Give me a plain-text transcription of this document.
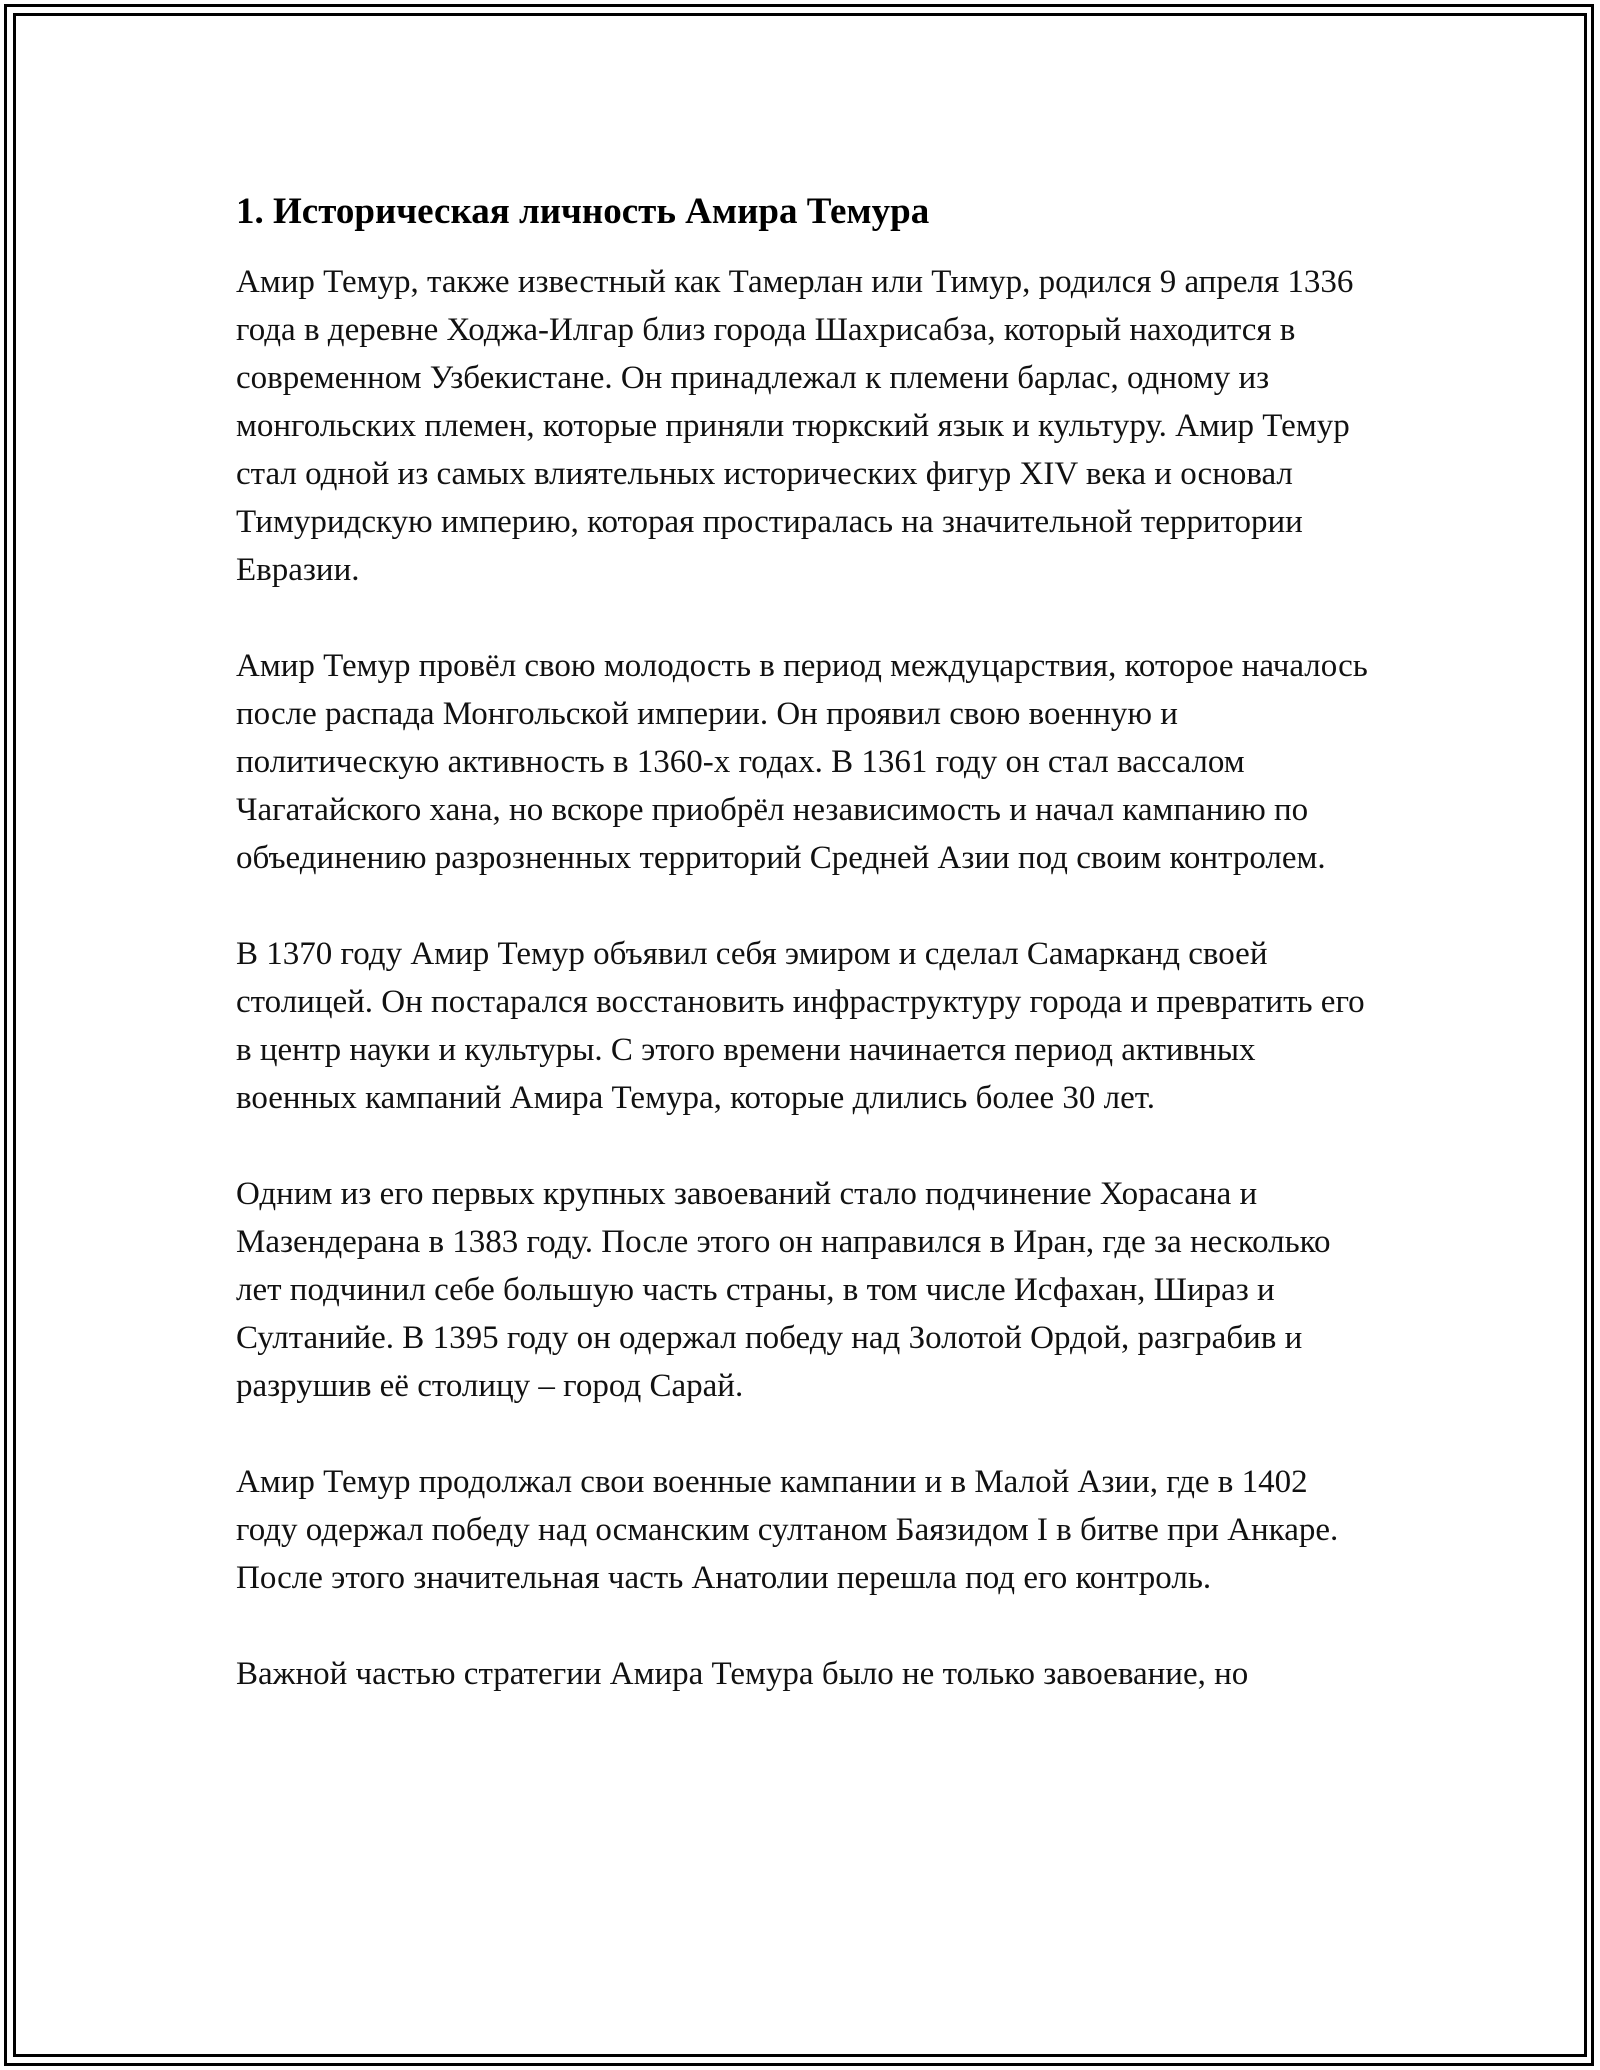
1. Историческая личность Амира Темура

Амир Темур, также известный как Тамерлан или Тимур, родился 9 апреля 1336 года в деревне Ходжа-Илгар близ города Шахрисабза, который находится в современном Узбекистане. Он принадлежал к племени барлас, одному из монгольских племен, которые приняли тюркский язык и культуру. Амир Темур стал одной из самых влиятельных исторических фигур XIV века и основал Тимуридскую империю, которая простиралась на значительной территории Евразии.

Амир Темур провёл свою молодость в период междуцарствия, которое началось после распада Монгольской империи. Он проявил свою военную и политическую активность в 1360-х годах. В 1361 году он стал вассалом Чагатайского хана, но вскоре приобрёл независимость и начал кампанию по объединению разрозненных территорий Средней Азии под своим контролем.

В 1370 году Амир Темур объявил себя эмиром и сделал Самарканд своей столицей. Он постарался восстановить инфраструктуру города и превратить его в центр науки и культуры. С этого времени начинается период активных военных кампаний Амира Темура, которые длились более 30 лет.

Одним из его первых крупных завоеваний стало подчинение Хорасана и Мазендерана в 1383 году. После этого он направился в Иран, где за несколько лет подчинил себе большую часть страны, в том числе Исфахан, Шираз и Султанийе. В 1395 году он одержал победу над Золотой Ордой, разграбив и разрушив её столицу – город Сарай.

Амир Темур продолжал свои военные кампании и в Малой Азии, где в 1402 году одержал победу над османским султаном Баязидом I в битве при Анкаре. После этого значительная часть Анатолии перешла под его контроль.

Важной частью стратегии Амира Темура было не только завоевание, но
